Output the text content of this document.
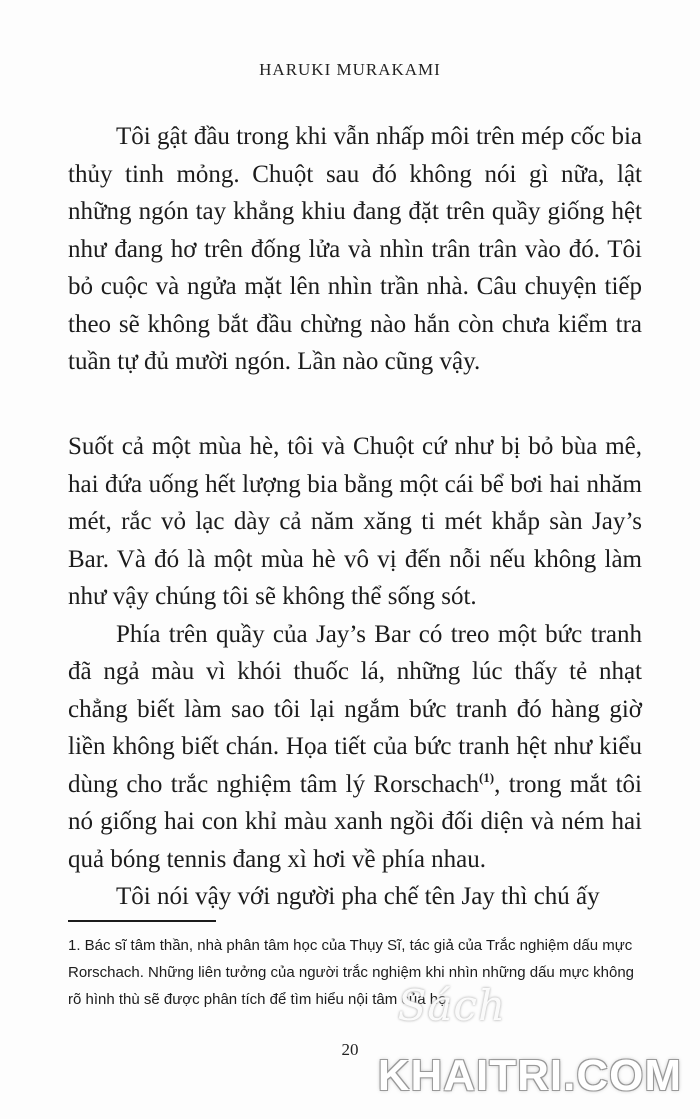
HARUKI MURAKAMI

Tôi gật đầu trong khi vẫn nhấp môi trên mép cốc bia thủy tinh mỏng. Chuột sau đó không nói gì nữa, lật những ngón tay khẳng khiu đang đặt trên quầy giống hệt như đang hơ trên đống lửa và nhìn trân trân vào đó. Tôi bỏ cuộc và ngửa mặt lên nhìn trần nhà. Câu chuyện tiếp theo sẽ không bắt đầu chừng nào hắn còn chưa kiểm tra tuần tự đủ mười ngón. Lần nào cũng vậy.

Suốt cả một mùa hè, tôi và Chuột cứ như bị bỏ bùa mê, hai đứa uống hết lượng bia bằng một cái bể bơi hai nhăm mét, rắc vỏ lạc dày cả năm xăng ti mét khắp sàn Jay’s Bar. Và đó là một mùa hè vô vị đến nỗi nếu không làm như vậy chúng tôi sẽ không thể sống sót.

Phía trên quầy của Jay’s Bar có treo một bức tranh đã ngả màu vì khói thuốc lá, những lúc thấy tẻ nhạt chẳng biết làm sao tôi lại ngắm bức tranh đó hàng giờ liền không biết chán. Họa tiết của bức tranh hệt như kiểu dùng cho trắc nghiệm tâm lý Rorschach$^{(1)}$, trong mắt tôi nó giống hai con khỉ màu xanh ngồi đối diện và ném hai quả bóng tennis đang xì hơi về phía nhau.

Tôi nói vậy với người pha chế tên Jay thì chú ấy

1. Bác sĩ tâm thần, nhà phân tâm học của Thụy Sĩ, tác giả của Trắc nghiệm dấu mực Rorschach. Những liên tưởng của người trắc nghiệm khi nhìn những dấu mực không rõ hình thù sẽ được phân tích để tìm hiểu nội tâm của họ.

20
Sách
KHAITRI.COM
